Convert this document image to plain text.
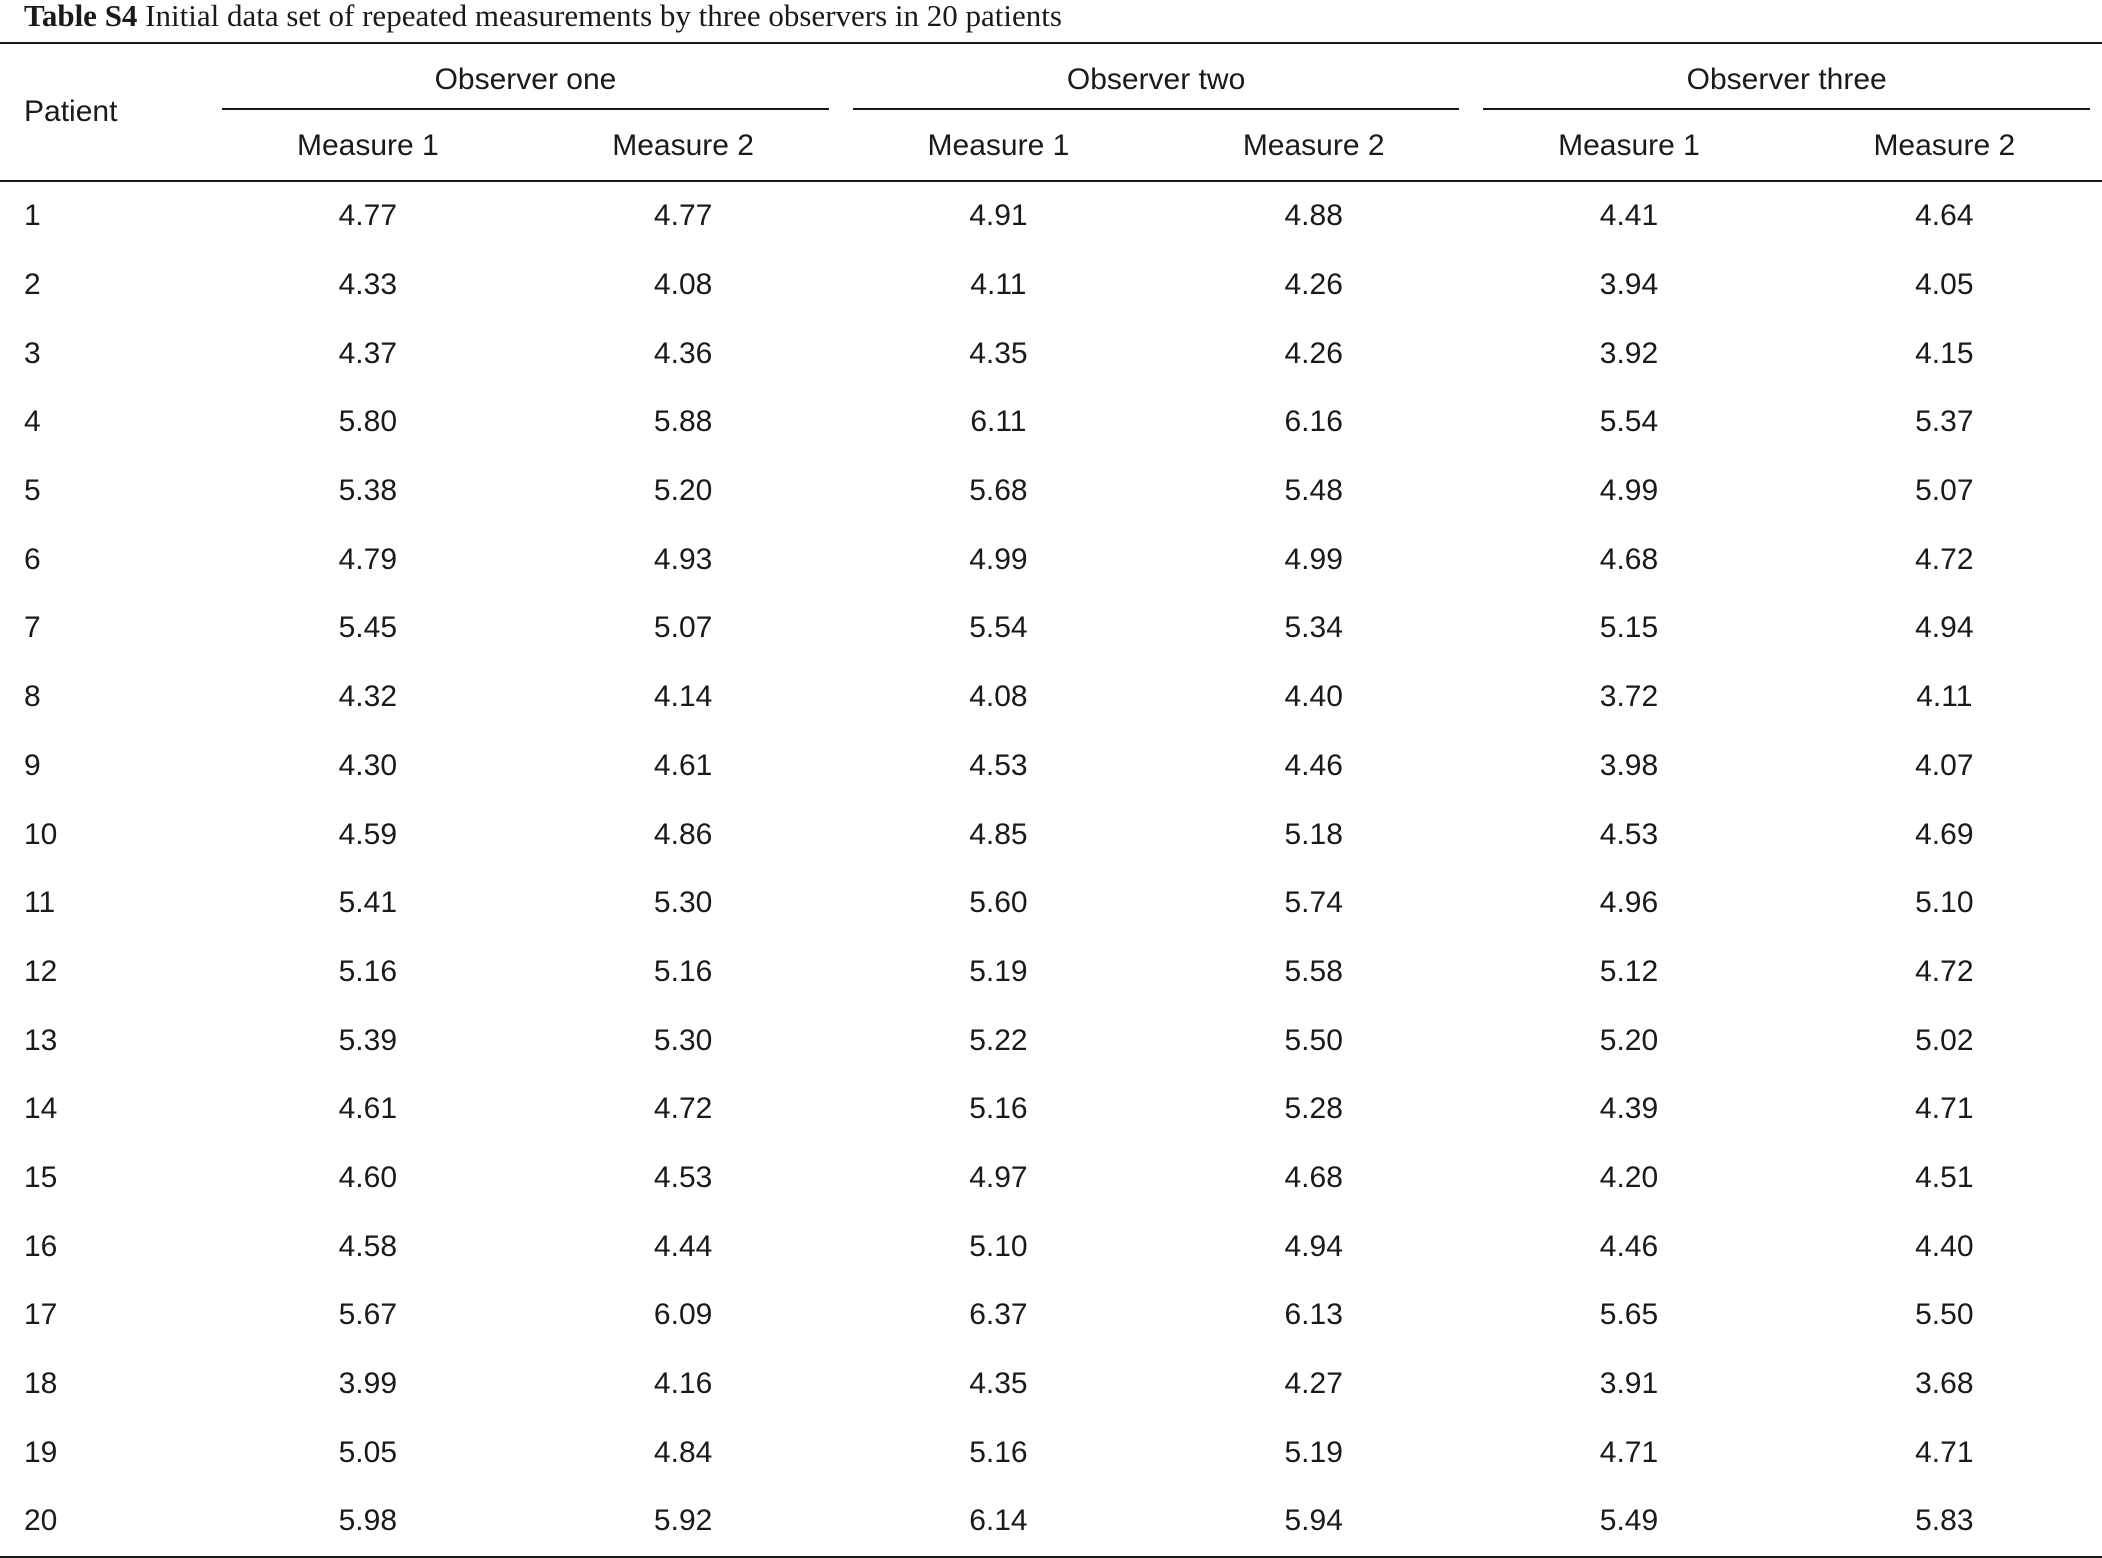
Table S4 Initial data set of repeated measurements by three observers in 20 patients
Patient	Observer one		Observer two		Observer three	

	Measure 1	Measure 2	Measure 1	Measure 2	Measure 1	Measure 2
1	4.77	4.77	4.91	4.88	4.41	4.64
2	4.33	4.08	4.11	4.26	3.94	4.05
3	4.37	4.36	4.35	4.26	3.92	4.15
4	5.80	5.88	6.11	6.16	5.54	5.37
5	5.38	5.20	5.68	5.48	4.99	5.07
6	4.79	4.93	4.99	4.99	4.68	4.72
7	5.45	5.07	5.54	5.34	5.15	4.94
8	4.32	4.14	4.08	4.40	3.72	4.11
9	4.30	4.61	4.53	4.46	3.98	4.07
10	4.59	4.86	4.85	5.18	4.53	4.69
11	5.41	5.30	5.60	5.74	4.96	5.10
12	5.16	5.16	5.19	5.58	5.12	4.72
13	5.39	5.30	5.22	5.50	5.20	5.02
14	4.61	4.72	5.16	5.28	4.39	4.71
15	4.60	4.53	4.97	4.68	4.20	4.51
16	4.58	4.44	5.10	4.94	4.46	4.40
17	5.67	6.09	6.37	6.13	5.65	5.50
18	3.99	4.16	4.35	4.27	3.91	3.68
19	5.05	4.84	5.16	5.19	4.71	4.71
20	5.98	5.92	6.14	5.94	5.49	5.83
